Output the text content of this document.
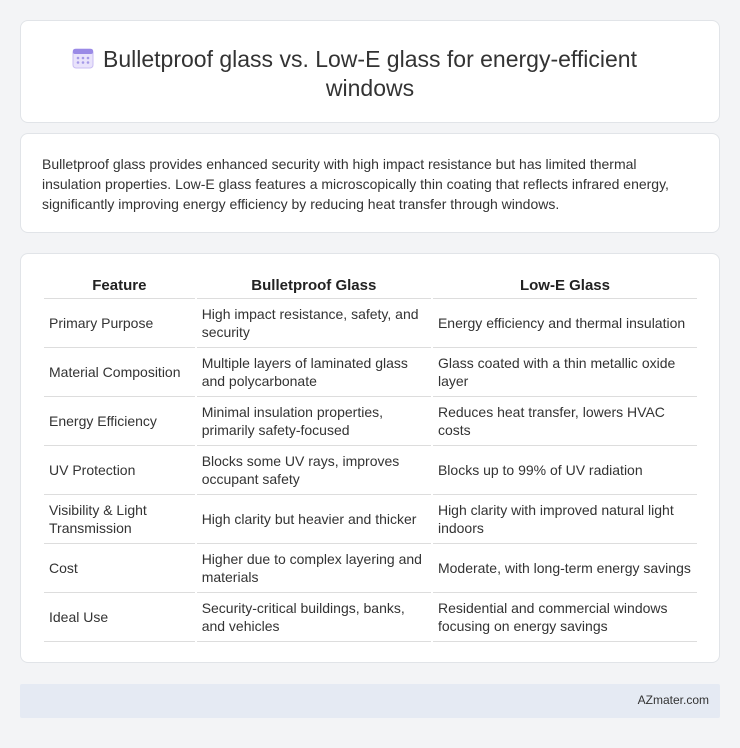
Bulletproof glass vs. Low-E glass for energy-efficient windows

Bulletproof glass provides enhanced security with high impact resistance but has limited thermal insulation properties. Low-E glass features a microscopically thin coating that reflects infrared energy, significantly improving energy efficiency by reducing heat transfer through windows.

Feature	Bulletproof Glass	Low-E Glass
Primary Purpose	High impact resistance, safety, and security	Energy efficiency and thermal insulation
Material Composition	Multiple layers of laminated glass and polycarbonate	Glass coated with a thin metallic oxide layer
Energy Efficiency	Minimal insulation properties, primarily safety-focused	Reduces heat transfer, lowers HVAC costs
UV Protection	Blocks some UV rays, improves occupant safety	Blocks up to 99% of UV radiation
Visibility & Light Transmission	High clarity but heavier and thicker	High clarity with improved natural light indoors
Cost	Higher due to complex layering and materials	Moderate, with long-term energy savings
Ideal Use	Security-critical buildings, banks, and vehicles	Residential and commercial windows focusing on energy savings
AZmater.com
